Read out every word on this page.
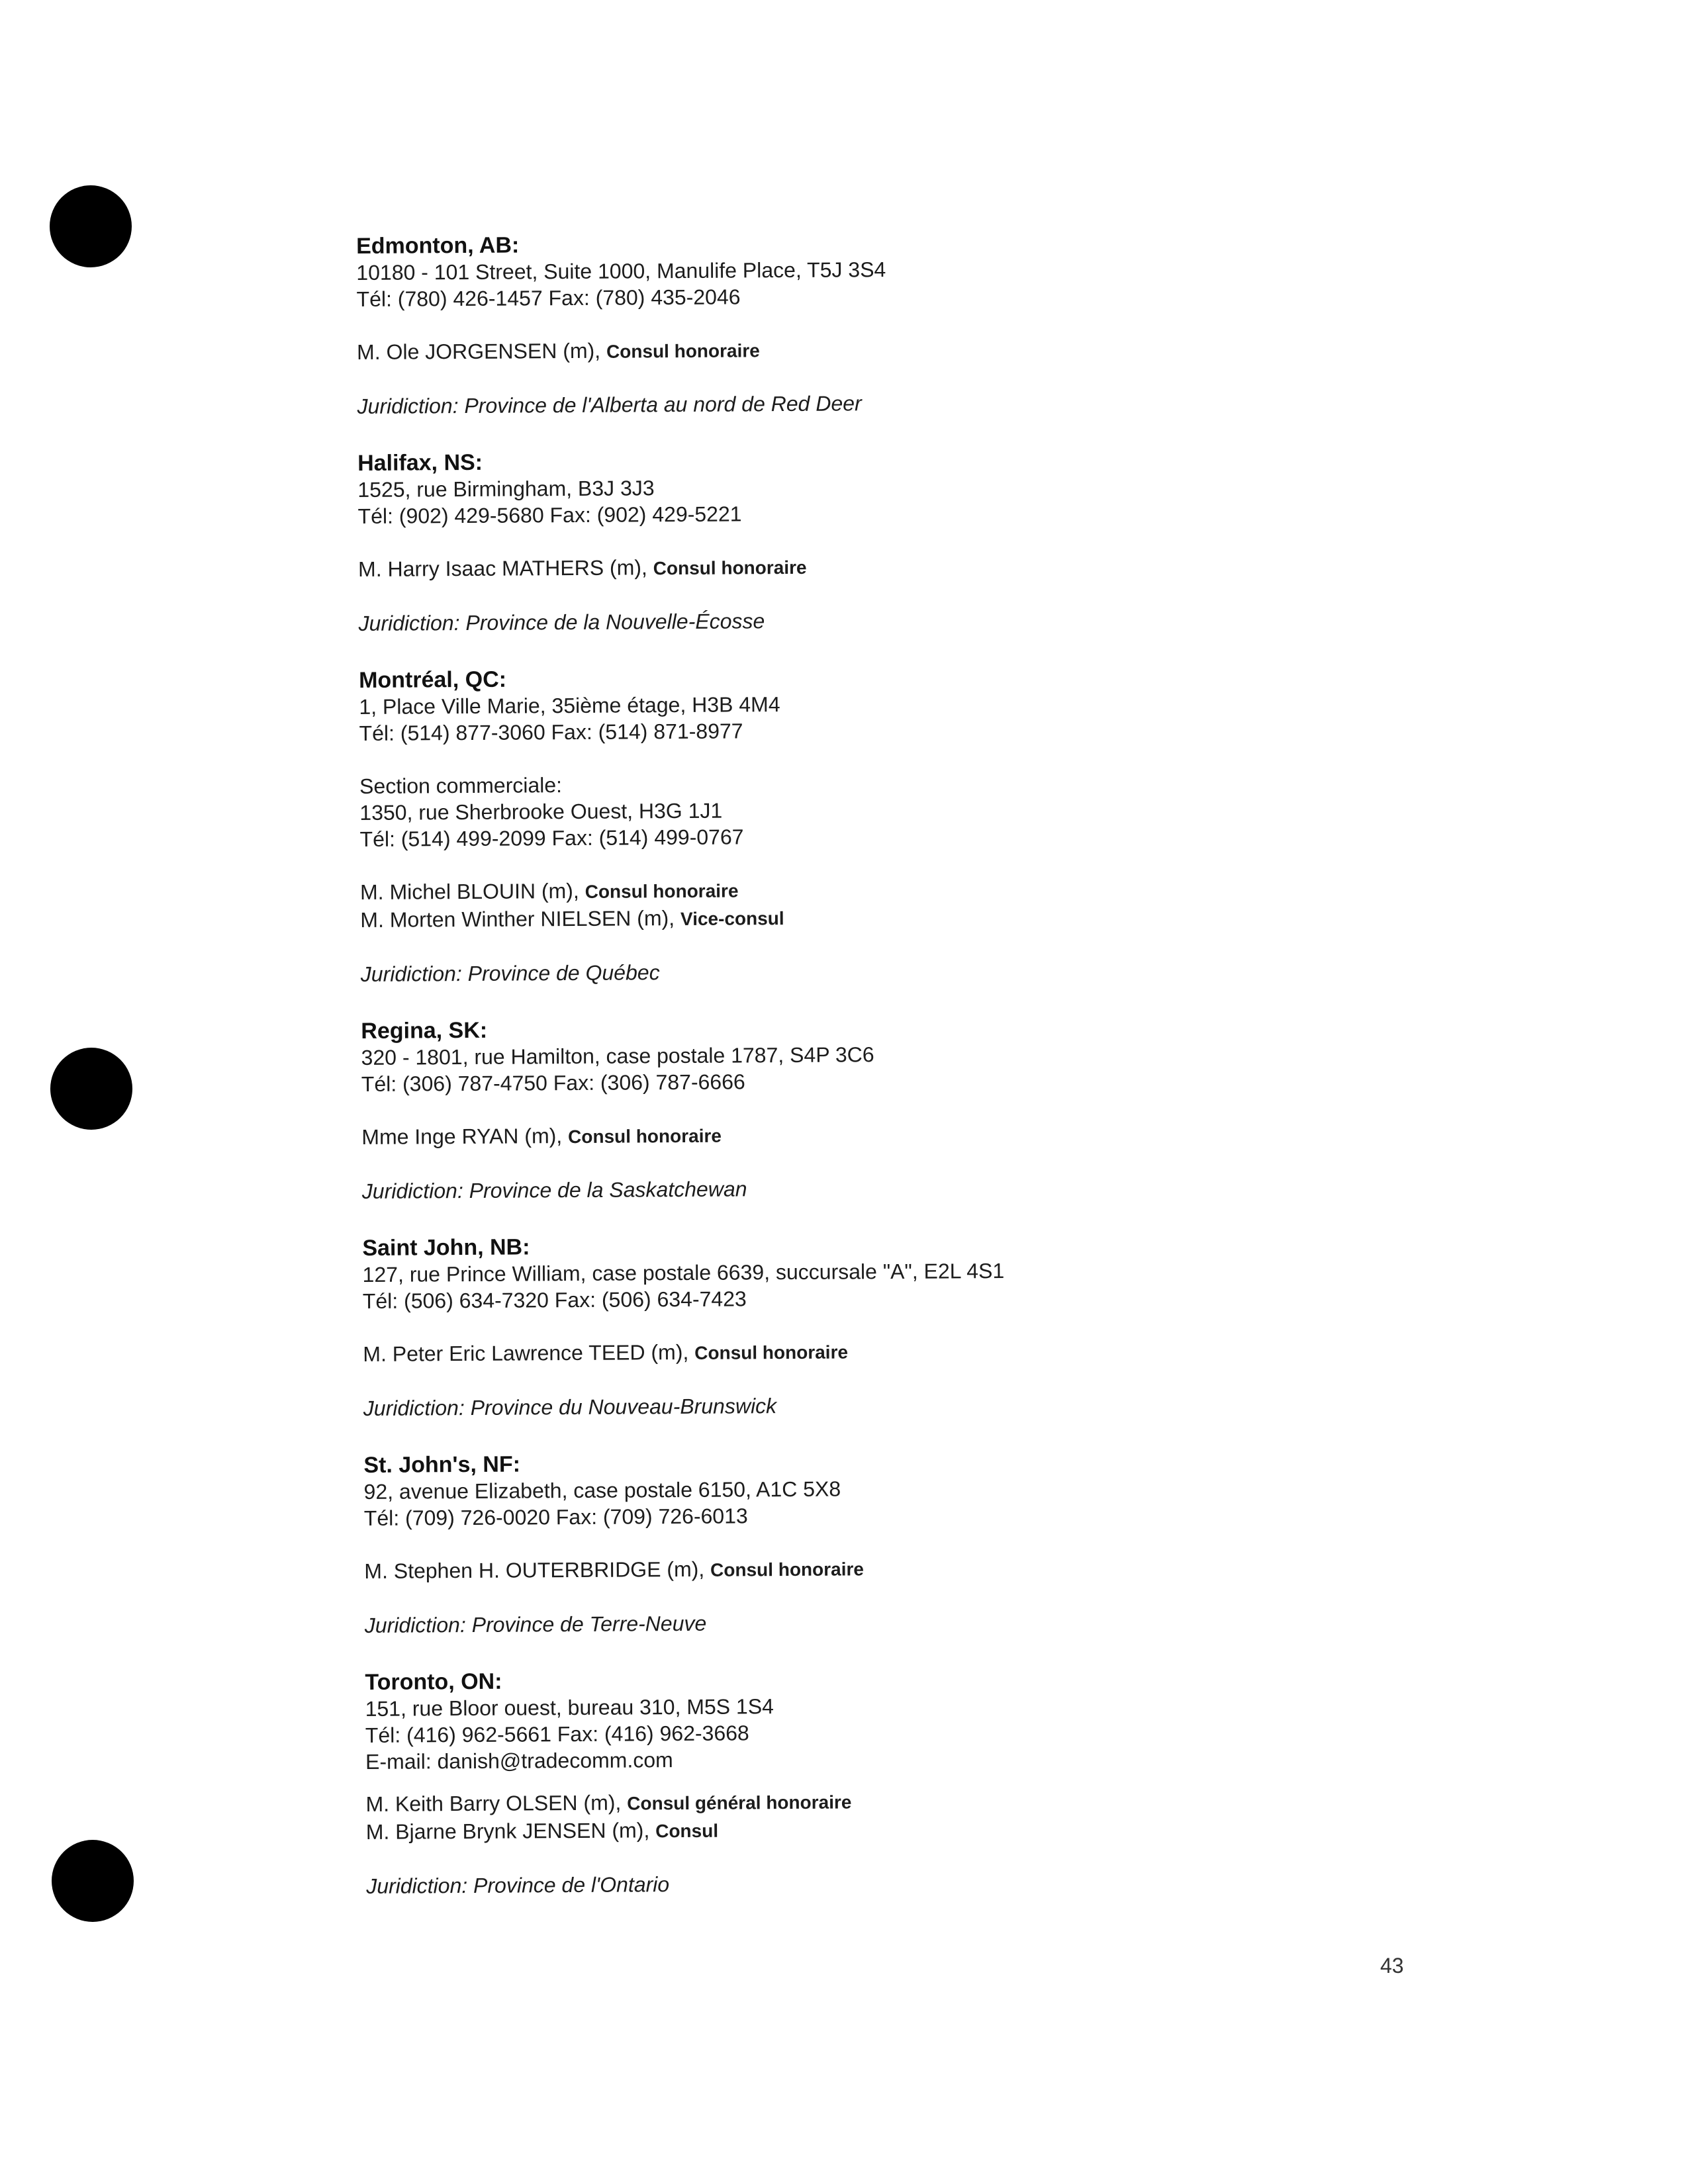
Edmonton, AB:
10180 - 101 Street, Suite 1000, Manulife Place, T5J 3S4
Tél: (780) 426-1457 Fax: (780) 435-2046
M. Ole JORGENSEN (m), Consul honoraire
Juridiction: Province de l'Alberta au nord de Red Deer
Halifax, NS:
1525, rue Birmingham, B3J 3J3
Tél: (902) 429-5680 Fax: (902) 429-5221
M. Harry Isaac MATHERS (m), Consul honoraire
Juridiction: Province de la Nouvelle-Écosse
Montréal, QC:
1, Place Ville Marie, 35ième étage, H3B 4M4
Tél: (514) 877-3060 Fax: (514) 871-8977
Section commerciale:
1350, rue Sherbrooke Ouest, H3G 1J1
Tél: (514) 499-2099 Fax: (514) 499-0767
M. Michel BLOUIN (m), Consul honoraire
M. Morten Winther NIELSEN (m), Vice-consul
Juridiction: Province de Québec
Regina, SK:
320 - 1801, rue Hamilton, case postale 1787, S4P 3C6
Tél: (306) 787-4750 Fax: (306) 787-6666
Mme Inge RYAN (m), Consul honoraire
Juridiction: Province de la Saskatchewan
Saint John, NB:
127, rue Prince William, case postale 6639, succursale "A", E2L 4S1
Tél: (506) 634-7320 Fax: (506) 634-7423
M. Peter Eric Lawrence TEED (m), Consul honoraire
Juridiction: Province du Nouveau-Brunswick
St. John's, NF:
92, avenue Elizabeth, case postale 6150, A1C 5X8
Tél: (709) 726-0020 Fax: (709) 726-6013
M. Stephen H. OUTERBRIDGE (m), Consul honoraire
Juridiction: Province de Terre-Neuve
Toronto, ON:
151, rue Bloor ouest, bureau 310, M5S 1S4
Tél: (416) 962-5661 Fax: (416) 962-3668
E-mail: danish@tradecomm.com
M. Keith Barry OLSEN (m), Consul général honoraire
M. Bjarne Brynk JENSEN (m), Consul
Juridiction: Province de l'Ontario
43
